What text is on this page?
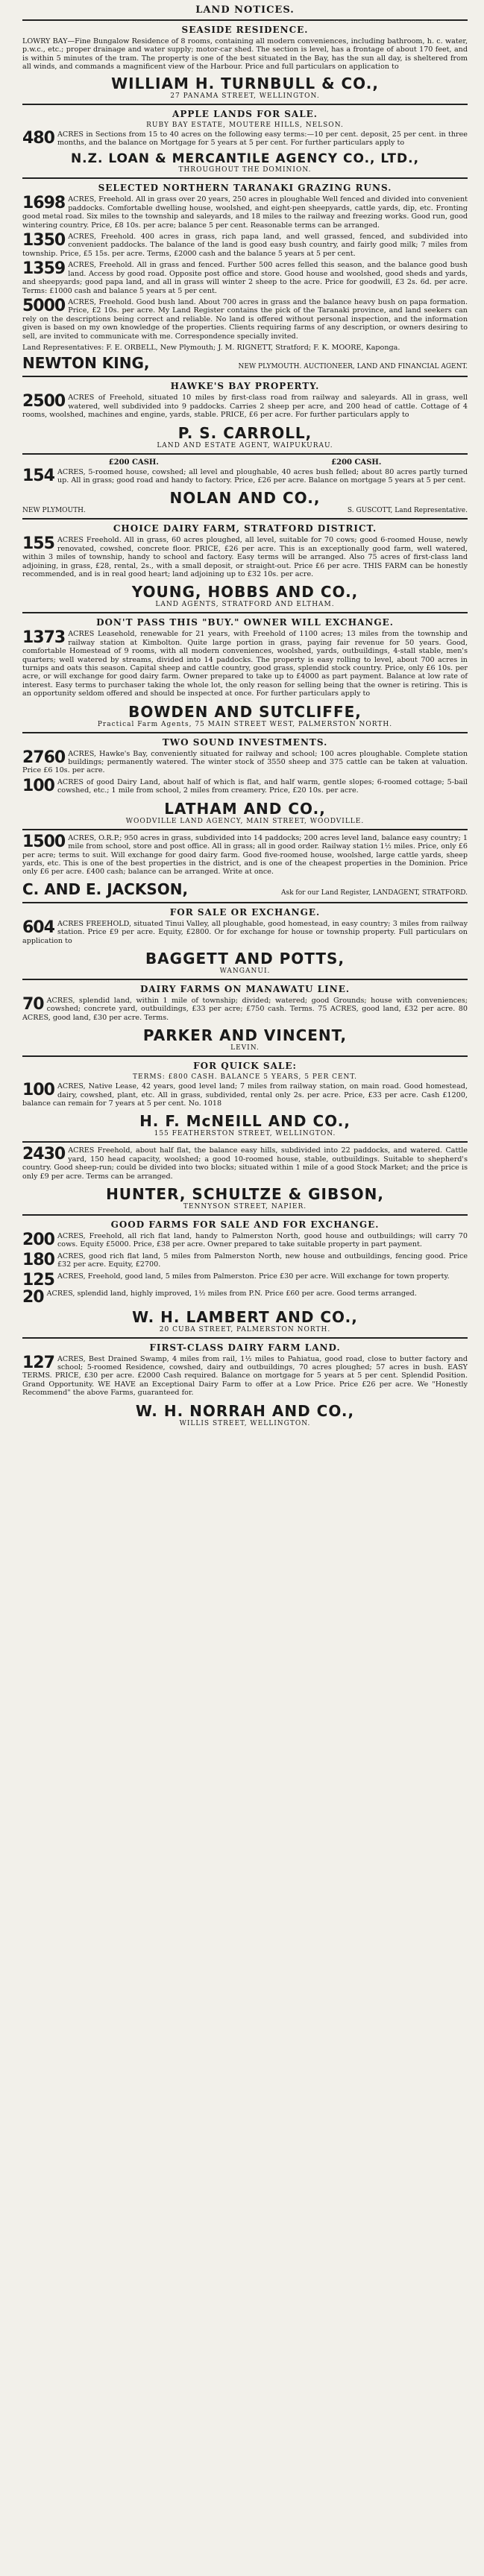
LAND NOTICES.
SEASIDE RESIDENCE.

LOWRY BAY—Fine Bungalow Residence of 8 rooms, containing all modern conveniences, including bathroom, h. c. water, p.w.c., etc.; proper drainage and water supply; motor-car shed. The section is level, has a frontage of about 170 feet, and is within 5 minutes of the tram. The property is one of the best situated in the Bay, has the sun all day, is sheltered from all winds, and commands a magnificent view of the Harbour. Price and full particulars on application to

WILLIAM H. TURNBULL & CO.,
27 PANAMA STREET, WELLINGTON.
APPLE LANDS FOR SALE.
RUBY BAY ESTATE, MOUTERE HILLS, NELSON.

480 ACRES in Sections from 15 to 40 acres on the following easy terms:—10 per cent. deposit, 25 per cent. in three months, and the balance on Mortgage for 5 years at 5 per cent. For further particulars apply to

N.Z. LOAN & MERCANTILE AGENCY CO., LTD.,
THROUGHOUT THE DOMINION.
SELECTED NORTHERN TARANAKI GRAZING RUNS.

1698 ACRES, Freehold. All in grass over 20 years, 250 acres in ploughable Well fenced and divided into convenient paddocks. Comfortable dwelling house, woolshed, and eight-pen sheepyards, cattle yards, dip, etc. Fronting good metal road. Six miles to the township and saleyards, and 18 miles to the railway and freezing works. Good run, good wintering country. Price, £8 10s. per acre; balance 5 per cent. Reasonable terms can be arranged.

1350 ACRES, Freehold. 400 acres in grass, rich papa land, and well grassed, fenced, and subdivided into convenient paddocks. The balance of the land is good easy bush country, and fairly good milk; 7 miles from township. Price, £5 15s. per acre. Terms, £2000 cash and the balance 5 years at 5 per cent.

1359 ACRES, Freehold. All in grass and fenced. Further 500 acres felled this season, and the balance good bush land. Access by good road. Opposite post office and store. Good house and woolshed, good sheds and yards, and sheepyards; good papa land, and all in grass will winter 2 sheep to the acre. Price for goodwill, £3 2s. 6d. per acre. Terms: £1000 cash and balance 5 years at 5 per cent.

5000 ACRES, Freehold. Good bush land. About 700 acres in grass and the balance heavy bush on papa formation. Price, £2 10s. per acre. My Land Register contains the pick of the Taranaki province, and land seekers can rely on the descriptions being correct and reliable. No land is offered without personal inspection, and the information given is based on my own knowledge of the properties. Clients requiring farms of any description, or owners desiring to sell, are invited to communicate with me. Correspondence specially invited.

Land Representatives: F. E. ORBELL, New Plymouth; J. M. RIGNETT, Stratford; F. K. MOORE, Kaponga.

NEWTON KING,	NEW PLYMOUTH. AUCTIONEER, LAND AND FINANCIAL AGENT.
HAWKE'S BAY PROPERTY.

2500 ACRES of Freehold, situated 10 miles by first-class road from railway and saleyards. All in grass, well watered, well subdivided into 9 paddocks. Carries 2 sheep per acre, and 200 head of cattle. Cottage of 4 rooms, woolshed, machines and engine, yards, stable. PRICE, £6 per acre. For further particulars apply to

P. S. CARROLL,
LAND AND ESTATE AGENT, WAIPUKURAU.
£200 CASH.	£200 CASH.

154 ACRES, 5-roomed house, cowshed; all level and ploughable, 40 acres bush felled; about 80 acres partly turned up. All in grass; good road and handy to factory. Price, £26 per acre. Balance on mortgage 5 years at 5 per cent.

NOLAN AND CO.,
NEW PLYMOUTH.	S. GUSCOTT, Land Representative.
CHOICE DAIRY FARM, STRATFORD DISTRICT.

155 ACRES Freehold. All in grass, 60 acres ploughed, all level, suitable for 70 cows; good 6-roomed House, newly renovated, cowshed, concrete floor. PRICE, £26 per acre. This is an exceptionally good farm, well watered, within 3 miles of township, handy to school and factory. Easy terms will be arranged. Also 75 acres of first-class land adjoining, in grass, £28, rental, 2s., with a small deposit, or straight-out. Price £6 per acre. THIS FARM can be honestly recommended, and is in real good heart; land adjoining up to £32 10s. per acre.

YOUNG, HOBBS AND CO.,
LAND AGENTS, STRATFORD AND ELTHAM.
DON'T PASS THIS "BUY." OWNER WILL EXCHANGE.

1373 ACRES Leasehold, renewable for 21 years, with Freehold of 1100 acres; 13 miles from the township and railway station at Kimbolton. Quite large portion in grass, paying fair revenue for 50 years. Good, comfortable Homestead of 9 rooms, with all modern conveniences, woolshed, yards, outbuildings, 4-stall stable, men's quarters; well watered by streams, divided into 14 paddocks. The property is easy rolling to level, about 700 acres in turnips and oats this season. Capital sheep and cattle country, good grass, splendid stock country. Price, only £6 10s. per acre, or will exchange for good dairy farm. Owner prepared to take up to £4000 as part payment. Balance at low rate of interest. Easy terms to purchaser taking the whole lot, the only reason for selling being that the owner is retiring. This is an opportunity seldom offered and should be inspected at once. For further particulars apply to

BOWDEN AND SUTCLIFFE,
Practical Farm Agents, 75 MAIN STREET WEST, PALMERSTON NORTH.
TWO SOUND INVESTMENTS.

2760 ACRES, Hawke's Bay, conveniently situated for railway and school; 100 acres ploughable. Complete station buildings; permanently watered. The winter stock of 3550 sheep and 375 cattle can be taken at valuation. Price £6 10s. per acre.

100 ACRES of good Dairy Land, about half of which is flat, and half warm, gentle slopes; 6-roomed cottage; 5-bail cowshed, etc.; 1 mile from school, 2 miles from creamery. Price, £20 10s. per acre.

LATHAM AND CO.,
WOODVILLE LAND AGENCY, MAIN STREET, WOODVILLE.

1500 ACRES, O.R.P.; 950 acres in grass, subdivided into 14 paddocks; 200 acres level land, balance easy country; 1 mile from school, store and post office. All in grass; all in good order. Railway station 1½ miles. Price, only £6 per acre; terms to suit. Will exchange for good dairy farm. Good five-roomed house, woolshed, large cattle yards, sheep yards, etc. This is one of the best properties in the district, and is one of the cheapest properties in the Dominion. Price only £6 per acre. £400 cash; balance can be arranged. Write at once.

C. AND E. JACKSON,	Ask for our Land Register, LANDAGENT, STRATFORD.
FOR SALE OR EXCHANGE.

604 ACRES FREEHOLD, situated Tinui Valley, all ploughable, good homestead, in easy country; 3 miles from railway station. Price £9 per acre. Equity, £2800. Or for exchange for house or township property. Full particulars on application to

BAGGETT AND POTTS,
WANGANUI.
DAIRY FARMS ON MANAWATU LINE.

70 ACRES, splendid land, within 1 mile of township; divided; watered; good Grounds; house with conveniences; cowshed; concrete yard, outbuildings, £33 per acre; £750 cash. Terms. 75 ACRES, good land, £32 per acre. 80 ACRES, good land, £30 per acre. Terms.

PARKER AND VINCENT,
LEVIN.
FOR QUICK SALE:
TERMS: £800 CASH. BALANCE 5 YEARS, 5 PER CENT.

100 ACRES, Native Lease, 42 years, good level land; 7 miles from railway station, on main road. Good homestead, dairy, cowshed, plant, etc. All in grass, subdivided, rental only 2s. per acre. Price, £33 per acre. Cash £1200, balance can remain for 7 years at 5 per cent. No. 1018

H. F. McNEILL AND CO.,
155 FEATHERSTON STREET, WELLINGTON.

2430 ACRES Freehold, about half flat, the balance easy hills, subdivided into 22 paddocks, and watered. Cattle yard, 150 head capacity, woolshed; a good 10-roomed house, stable, outbuildings. Suitable to shepherd's country. Good sheep-run; could be divided into two blocks; situated within 1 mile of a good Stock Market; and the price is only £9 per acre. Terms can be arranged.

HUNTER, SCHULTZE & GIBSON,
TENNYSON STREET, NAPIER.
GOOD FARMS FOR SALE AND FOR EXCHANGE.

200 ACRES, Freehold, all rich flat land, handy to Palmerston North, good house and outbuildings; will carry 70 cows. Equity £5000. Price, £38 per acre. Owner prepared to take suitable property in part payment.

180 ACRES, good rich flat land, 5 miles from Palmerston North, new house and outbuildings, fencing good. Price £32 per acre. Equity, £2700.

125 ACRES, Freehold, good land, 5 miles from Palmerston. Price £30 per acre. Will exchange for town property.

20 ACRES, splendid land, highly improved, 1½ miles from P.N. Price £60 per acre. Good terms arranged.

W. H. LAMBERT AND CO.,
20 CUBA STREET, PALMERSTON NORTH.
FIRST-CLASS DAIRY FARM LAND.

127 ACRES, Best Drained Swamp, 4 miles from rail, 1½ miles to Pahiatua, good road, close to butter factory and school; 5-roomed Residence, cowshed, dairy and outbuildings, 70 acres ploughed; 57 acres in bush. EASY TERMS. PRICE, £30 per acre. £2000 Cash required. Balance on mortgage for 5 years at 5 per cent. Splendid Position. Grand Opportunity. WE HAVE an Exceptional Dairy Farm to offer at a Low Price. Price £26 per acre. We "Honestly Recommend" the above Farms, guaranteed for.

W. H. NORRAH AND CO.,
WILLIS STREET, WELLINGTON.
